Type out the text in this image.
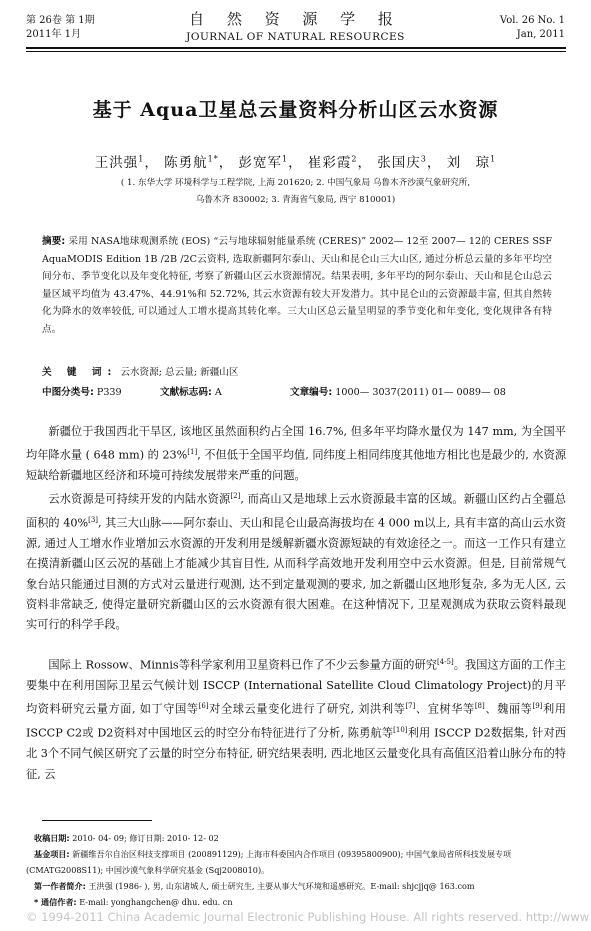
第 26卷 第 1期
2011年 1月
自 然 资 源 学 报
JOURNAL OF NATURAL RESOURCES
Vol. 26 No. 1
Jan, 2011
基于 Aqua卫星总云量资料分析山区云水资源
王洪强$^1$， 陈勇航$^{1*}$， 彭宽军$^1$， 崔彩霞$^2$， 张国庆$^3$， 刘　琼$^1$
( 1. 东华大学 环境科学与工程学院, 上海 201620; 2. 中国气象局 乌鲁木齐沙漠气象研究所,
乌鲁木齐 830002; 3. 青海省气象局, 西宁 810001)
摘要: 采用 NASA地球观测系统 (EOS) “云与地球辐射能量系统 (CERES)” 2002— 12至 2007— 12的 CERES SSF AquaMODIS Edition 1B /2B /2C云资料, 选取新疆阿尔泰山、天山和昆仑山三大山区, 通过分析总云量的多年平均空间分布、季节变化以及年变化特征, 考察了新疆山区云水资源情况。结果表明, 多年平均的阿尔泰山、天山和昆仑山总云量区域平均值为 43.47%、44.91%和 52.72%, 其云水资源有较大开发潜力。其中昆仑山的云资源最丰富, 但其自然转化为降水的效率较低, 可以通过人工增水提高其转化率。三大山区总云量呈明显的季节变化和年变化, 变化规律各有特点。
关 键 词: 云水资源; 总云量; 新疆山区
中图分类号: P339	文献标志码: A	文章编号: 1000— 3037(2011) 01— 0089— 08

新疆位于我国西北干旱区, 该地区虽然面积约占全国 16.7%, 但多年平均降水量仅为 147 mm, 为全国平均年降水量 ( 648 mm) 的 23%[1], 不但低于全国平均值, 同纬度上相同纬度其他地方相比也是最少的, 水资源短缺给新疆地区经济和环境可持续发展带来严重的问题。

云水资源是可持续开发的内陆水资源[2], 而高山又是地球上云水资源最丰富的区域。新疆山区约占全疆总面积的 40%[3], 其三大山脉——阿尔泰山、天山和昆仑山最高海拔均在 4 000 m以上, 具有丰富的高山云水资源, 通过人工增水作业增加云水资源的开发利用是缓解新疆水资源短缺的有效途径之一。而这一工作只有建立在摸清新疆山区云况的基础上才能减少其盲目性, 从而科学高效地开发利用空中云水资源。但是, 目前常规气象台站只能通过目测的方式对云量进行观测, 达不到定量观测的要求, 加之新疆山区地形复杂, 多为无人区, 云资料非常缺乏, 使得定量研究新疆山区的云水资源有很大困难。在这种情况下, 卫星观测成为获取云资料最现实可行的科学手段。

国际上 Rossow、Minnis等科学家利用卫星资料已作了不少云参量方面的研究[4-5]。我国这方面的工作主要集中在利用国际卫星云气候计划 ISCCP (International Satellite Cloud Climatology Project)的月平均资料研究云量方面, 如丁守国等[6]对全球云量变化进行了研究, 刘洪利等[7]、宜树华等[8]、魏丽等[9]利用 ISCCP C2或 D2资料对中国地区云的时空分布特征进行了分析, 陈勇航等[10]利用 ISCCP D2数据集, 针对西北 3个不同气候区研究了云量的时空分布特征, 研究结果表明, 西北地区云量变化具有高值区沿着山脉分布的特征, 云

收稿日期: 2010- 04- 09; 修订日期: 2010- 12- 02
基金项目: 新疆维吾尔自治区科技支撑项目 (200891129); 上海市科委国内合作项目 (09395800900); 中国气象局省所科技发展专项 (CMATG2008S11); 中国沙漠气象科学研究基金 (Sqj2008010)。
第一作者简介: 王洪强 (1986- ), 男, 山东诸城人, 硕士研究生, 主要从事大气环境和遥感研究。E-mail: shjcjjq@ 163.com
* 通信作者: E-mail: yonghangchen@ dhu. edu. cn
© 1994-2011 China Academic Journal Electronic Publishing House. All rights reserved. http://www
